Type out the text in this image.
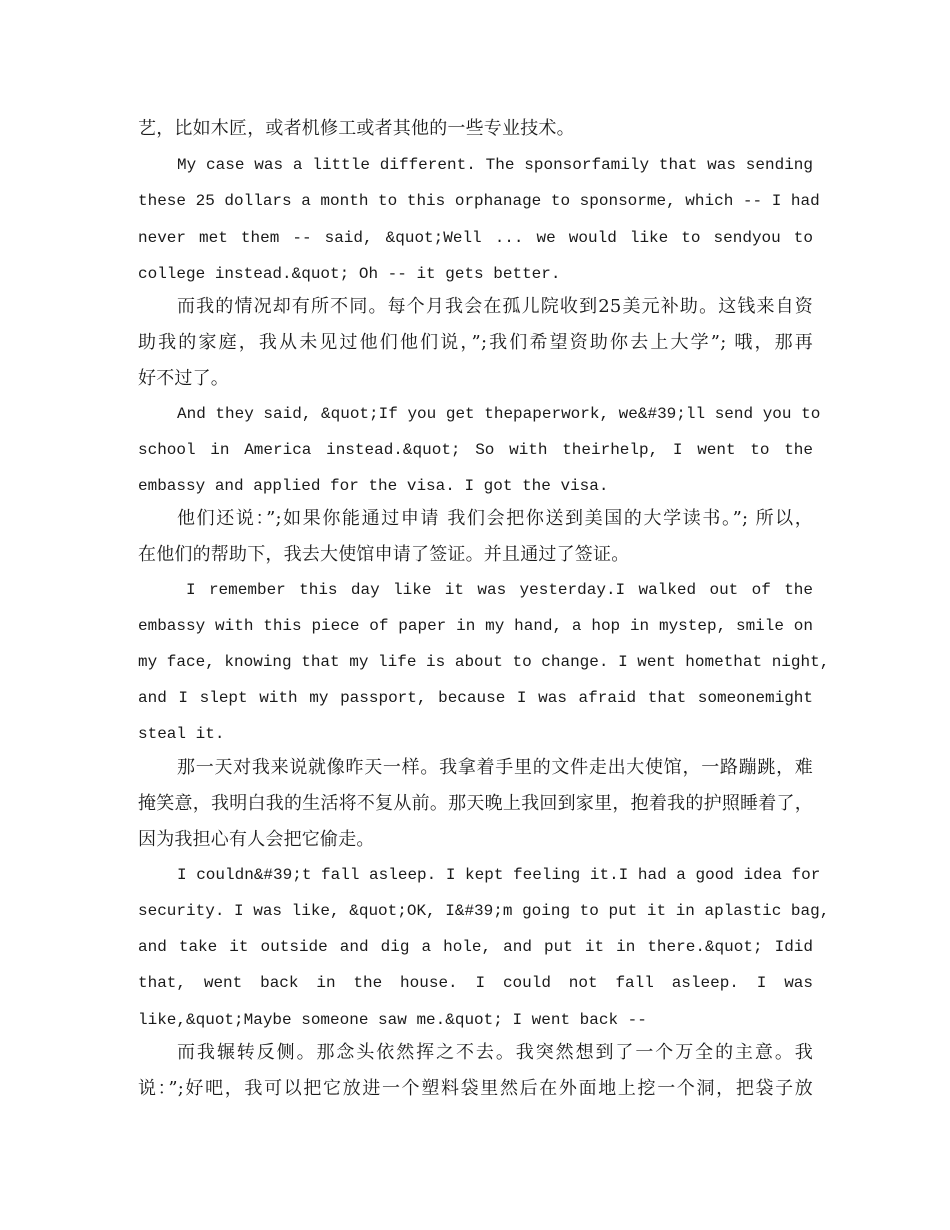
艺，比如木匠，或者机修工或者其他的一些专业技术。
My case was a little different. The sponsorfamily that was sending
these 25 dollars a month to this orphanage to sponsorme, which -- I had
never met them -- said, &quot;Well ... we would like to sendyou to
college instead.&quot; Oh -- it gets better.
而我的情况却有所不同。每个月我会在孤儿院收到25美元补助。这钱来自资
助我的家庭，我从未见过他们他们说，”;我们希望资助你去上大学”; 哦，那再
好不过了。
And they said, &quot;If you get thepaperwork, we&#39;ll send you to
school in America instead.&quot; So with theirhelp, I went to the
embassy and applied for the visa. I got the visa.
他们还说：”;如果你能通过申请 我们会把你送到美国的大学读书。”; 所以，
在他们的帮助下，我去大使馆申请了签证。并且通过了签证。
I remember this day like it was yesterday.I walked out of the
embassy with this piece of paper in my hand, a hop in mystep, smile on
my face, knowing that my life is about to change. I went homethat night,
and I slept with my passport, because I was afraid that someonemight
steal it.
那一天对我来说就像昨天一样。我拿着手里的文件走出大使馆，一路蹦跳，难
掩笑意，我明白我的生活将不复从前。那天晚上我回到家里，抱着我的护照睡着了，
因为我担心有人会把它偷走。
I couldn&#39;t fall asleep. I kept feeling it.I had a good idea for
security. I was like, &quot;OK, I&#39;m going to put it in aplastic bag,
and take it outside and dig a hole, and put it in there.&quot; Idid
that, went back in the house. I could not fall asleep. I was
like,&quot;Maybe someone saw me.&quot; I went back --
而我辗转反侧。那念头依然挥之不去。我突然想到了一个万全的主意。我
说：”;好吧，我可以把它放进一个塑料袋里然后在外面地上挖一个洞，把袋子放
